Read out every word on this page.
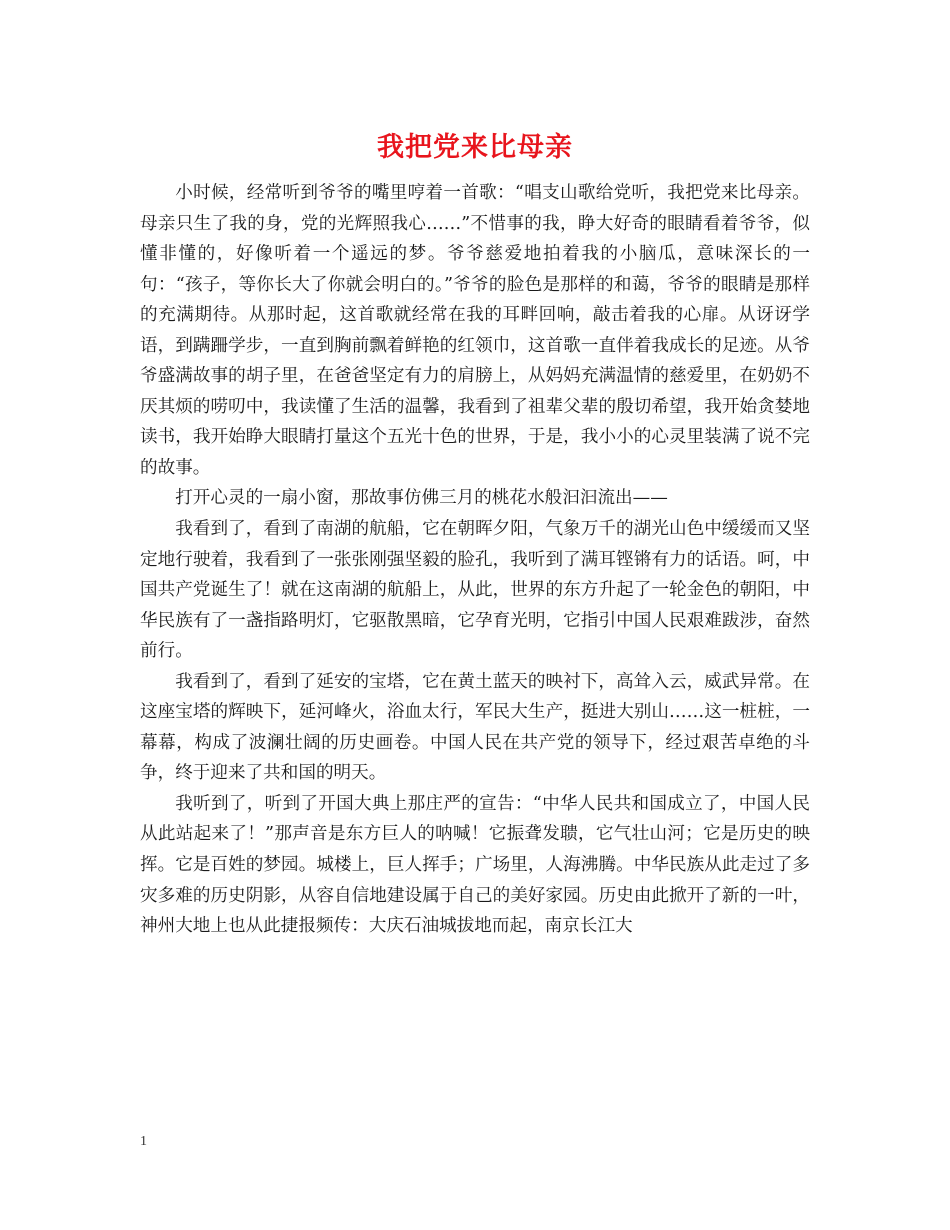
我把党来比母亲

小时候，经常听到爷爷的嘴里哼着一首歌：“唱支山歌给党听，我把党来比母亲。母亲只生了我的身，党的光辉照我心……”不惜事的我，睁大好奇的眼睛看着爷爷，似懂非懂的，好像听着一个遥远的梦。爷爷慈爱地拍着我的小脑瓜，意味深长的一句：“孩子，等你长大了你就会明白的。”爷爷的脸色是那样的和蔼，爷爷的眼睛是那样的充满期待。从那时起，这首歌就经常在我的耳畔回响，敲击着我的心扉。从讶讶学语，到蹒跚学步，一直到胸前飘着鲜艳的红领巾，这首歌一直伴着我成长的足迹。从爷爷盛满故事的胡子里，在爸爸坚定有力的肩膀上，从妈妈充满温情的慈爱里，在奶奶不厌其烦的唠叨中，我读懂了生活的温馨，我看到了祖辈父辈的殷切希望，我开始贪婪地读书，我开始睁大眼睛打量这个五光十色的世界，于是，我小小的心灵里装满了说不完的故事。

打开心灵的一扇小窗，那故事仿佛三月的桃花水般汩汩流出——

我看到了，看到了南湖的航船，它在朝晖夕阳，气象万千的湖光山色中缓缓而又坚定地行驶着，我看到了一张张刚强坚毅的脸孔，我听到了满耳铿锵有力的话语。呵，中国共产党诞生了！就在这南湖的航船上，从此，世界的东方升起了一轮金色的朝阳，中华民族有了一盏指路明灯，它驱散黑暗，它孕育光明，它指引中国人民艰难跋涉，奋然前行。

我看到了，看到了延安的宝塔，它在黄土蓝天的映衬下，高耸入云，威武异常。在这座宝塔的辉映下，延河峰火，浴血太行，军民大生产，挺进大别山……这一桩桩，一幕幕，构成了波澜壮阔的历史画卷。中国人民在共产党的领导下，经过艰苦卓绝的斗争，终于迎来了共和国的明天。

我听到了，听到了开国大典上那庄严的宣告：“中华人民共和国成立了，中国人民从此站起来了！”那声音是东方巨人的呐喊！它振聋发聩，它气壮山河；它是历史的映挥。它是百姓的梦园。城楼上，巨人挥手；广场里，人海沸腾。中华民族从此走过了多灾多难的历史阴影，从容自信地建设属于自己的美好家园。历史由此掀开了新的一叶，神州大地上也从此捷报频传：大庆石油城拔地而起，南京长江大

1
